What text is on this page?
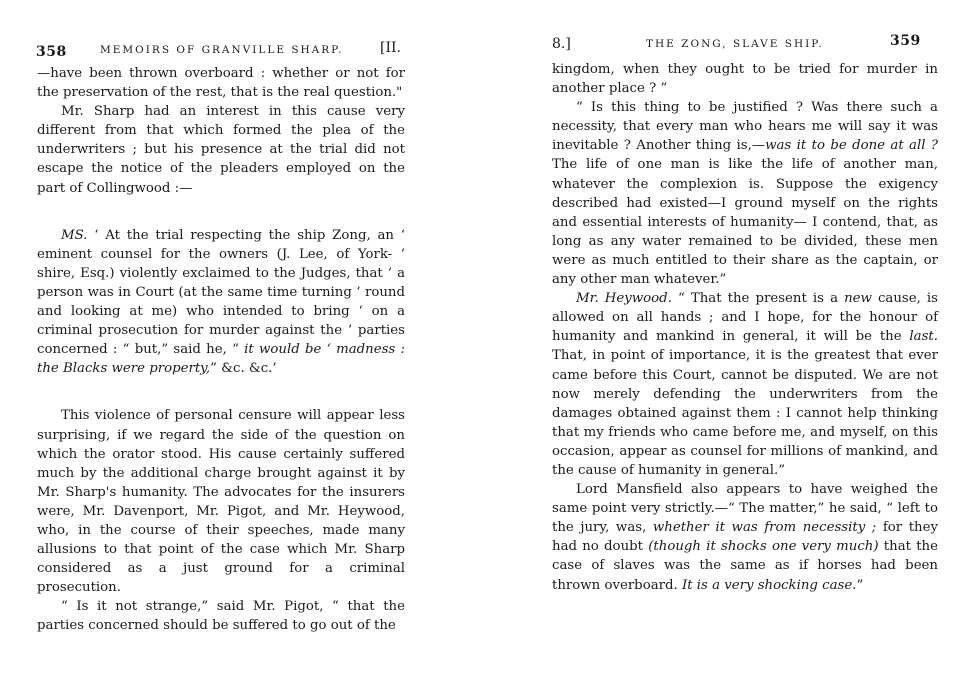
358	MEMOIRS OF GRANVILLE SHARP.	[II.

—have been thrown overboard : whether or not for the preservation of the rest, that is the real question."

Mr. Sharp had an interest in this cause very different from that which formed the plea of the underwriters ; but his presence at the trial did not escape the notice of the pleaders employed on the part of Collingwood :—

MS. ‘ At the trial respecting the ship Zong, an ‘ eminent counsel for the owners (J. Lee, of York- ‘ shire, Esq.) violently exclaimed to the Judges, that ‘ a person was in Court (at the same time turning ‘ round and looking at me) who intended to bring ‘ on a criminal prosecution for murder against the ‘ parties concerned : “ but,” said he, “ it would be ‘ madness : the Blacks were property,” &c. &c.’

This violence of personal censure will appear less surprising, if we regard the side of the question on which the orator stood. His cause certainly suffered much by the additional charge brought against it by Mr. Sharp's humanity. The advocates for the insurers were, Mr. Davenport, Mr. Pigot, and Mr. Heywood, who, in the course of their speeches, made many allusions to that point of the case which Mr. Sharp considered as a just ground for a criminal prosecution.

“ Is it not strange,” said Mr. Pigot, “ that the parties concerned should be suffered to go out of the

8.]	THE ZONG, SLAVE SHIP.	359

kingdom, when they ought to be tried for murder in another place ? ”

“ Is this thing to be justified ? Was there such a necessity, that every man who hears me will say it was inevitable ? Another thing is,—was it to be done at all ? The life of one man is like the life of another man, whatever the complexion is. Suppose the exigency described had existed—I ground myself on the rights and essential interests of humanity— I contend, that, as long as any water remained to be divided, these men were as much entitled to their share as the captain, or any other man whatever.”

Mr. Heywood. “ That the present is a new cause, is allowed on all hands ; and I hope, for the honour of humanity and mankind in general, it will be the last. That, in point of importance, it is the greatest that ever came before this Court, cannot be disputed. We are not now merely defending the underwriters from the damages obtained against them : I cannot help thinking that my friends who came before me, and myself, on this occasion, appear as counsel for millions of mankind, and the cause of humanity in general.”

Lord Mansfield also appears to have weighed the same point very strictly.—“ The matter,” he said, “ left to the jury, was, whether it was from necessity ; for they had no doubt (though it shocks one very much) that the case of slaves was the same as if horses had been thrown overboard. It is a very shocking case.”
